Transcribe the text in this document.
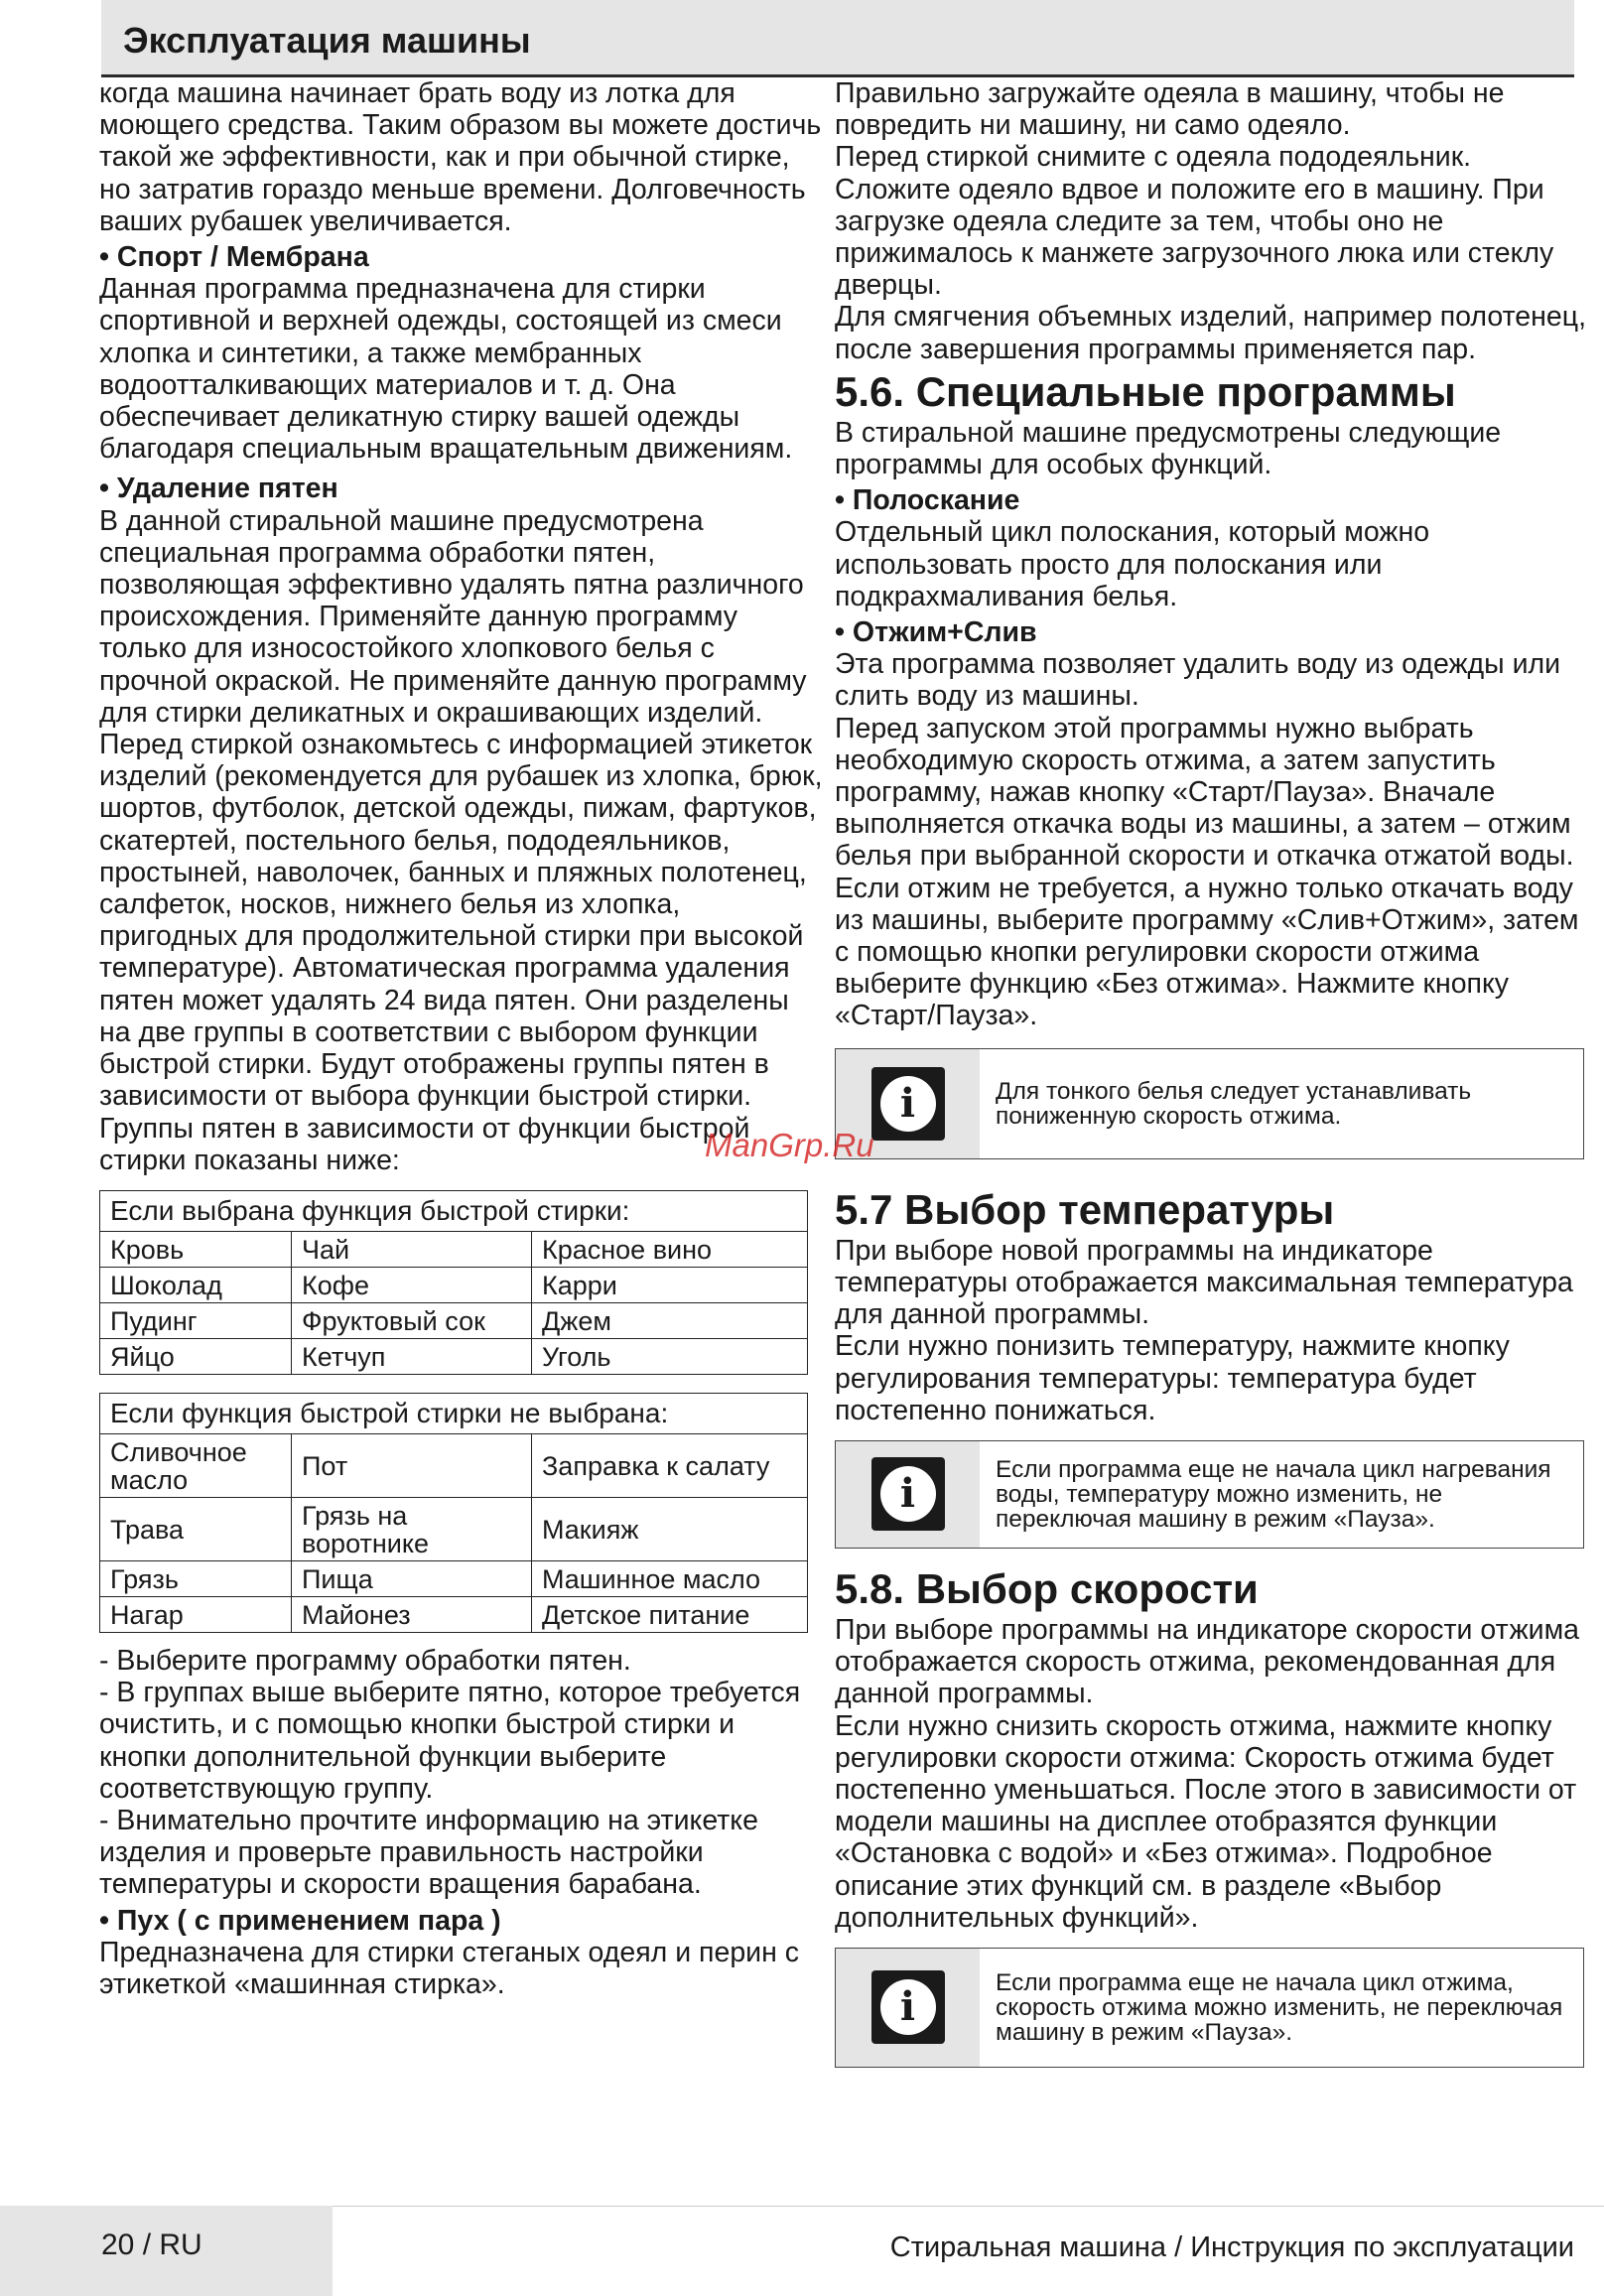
Эксплуатация машины

когда машина начинает брать воду из лотка для моющего средства. Таким образом вы можете достичь такой же эффективности, как и при обычной стирке, но затратив гораздо меньше времени. Долговечность ваших рубашек увеличивается.

• Спорт / Мембрана

Данная программа предназначена для стирки спортивной и верхней одежды, состоящей из смеси хлопка и синтетики, а также мембранных водоотталкивающих материалов и т. д. Она обеспечивает деликатную стирку вашей одежды благодаря специальным вращательным движениям.

• Удаление пятен

В данной стиральной машине предусмотрена специальная программа обработки пятен, позволяющая эффективно удалять пятна различного происхождения. Применяйте данную программу только для износостойкого хлопкового белья с прочной окраской. Не применяйте данную программу для стирки деликатных и окрашивающих изделий. Перед стиркой ознакомьтесь с информацией этикеток изделий (рекомендуется для рубашек из хлопка, брюк, шортов, футболок, детской одежды, пижам, фартуков, скатертей, постельного белья, пододеяльников, простыней, наволочек, банных и пляжных полотенец, салфеток, носков, нижнего белья из хлопка, пригодных для продолжительной стирки при высокой температуре). Автоматическая программа удаления пятен может удалять 24 вида пятен. Они разделены на две группы в соответствии с выбором функции быстрой стирки. Будут отображены группы пятен в зависимости от выбора функции быстрой стирки.

Группы пятен в зависимости от функции быстрой стирки показаны ниже:

Если выбрана функция быстрой стирки:		
Кровь	Чай	Красное вино
Шоколад	Кофе	Карри
Пудинг	Фруктовый сок	Джем
Яйцо	Кетчуп	Уголь
Если функция быстрой стирки не выбрана:		
Сливочное масло	Пот	Заправка к салату
Трава	Грязь на воротнике	Макияж
Грязь	Пища	Машинное масло
Нагар	Майонез	Детское питание

- Выберите программу обработки пятен.

- В группах выше выберите пятно, которое требуется очистить, и с помощью кнопки быстрой стирки и кнопки дополнительной функции выберите соответствующую группу.

- Внимательно прочтите информацию на этикетке изделия и проверьте правильность настройки температуры и скорости вращения барабана.

• Пух ( с применением пара )

Предназначена для стирки стеганых одеял и перин с этикеткой «машинная стирка».

Правильно загружайте одеяла в машину, чтобы не повредить ни машину, ни само одеяло.

Перед стиркой снимите с одеяла пододеяльник. Сложите одеяло вдвое и положите его в машину. При загрузке одеяла следите за тем, чтобы оно не прижималось к манжете загрузочного люка или стеклу дверцы.

Для смягчения объемных изделий, например полотенец, после завершения программы применяется пар.

5.6. Специальные программы

В стиральной машине предусмотрены следующие программы для особых функций.

• Полоскание

Отдельный цикл полоскания, который можно использовать просто для полоскания или подкрахмаливания белья.

• Отжим+Слив

Эта программа позволяет удалить воду из одежды или слить воду из машины.

Перед запуском этой программы нужно выбрать необходимую скорость отжима, а затем запустить программу, нажав кнопку «Старт/Пауза». Вначале выполняется откачка воды из машины, а затем – отжим белья при выбранной скорости и откачка отжатой воды.

Если отжим не требуется, а нужно только откачать воду из машины, выберите программу «Слив+Отжим», затем с помощью кнопки регулировки скорости отжима выберите функцию «Без отжима». Нажмите кнопку «Старт/Пауза».

i	Для тонкого белья следует устанавливать пониженную скорость отжима.
5.7 Выбор температуры

При выборе новой программы на индикаторе температуры отображается максимальная температура для данной программы.

Если нужно понизить температуру, нажмите кнопку регулирования температуры: температура будет постепенно понижаться.

i
Если программа еще не начала цикл нагревания воды, температуру можно изменить, не переключая машину в режим «Пауза».
5.8. Выбор скорости

При выборе программы на индикаторе скорости отжима отображается скорость отжима, рекомендованная для данной программы.

Если нужно снизить скорость отжима, нажмите кнопку регулировки скорости отжима: Скорость отжима будет постепенно уменьшаться. После этого в зависимости от модели машины на дисплее отобразятся функции «Остановка с водой» и «Без отжима». Подробное описание этих функций см. в разделе «Выбор дополнительных функций».

i
Если программа еще не начала цикл отжима, скорость отжима можно изменить, не переключая машину в режим «Пауза».
ManGrp.Ru
20 / RU	Стиральная машина / Инструкция по эксплуатации
